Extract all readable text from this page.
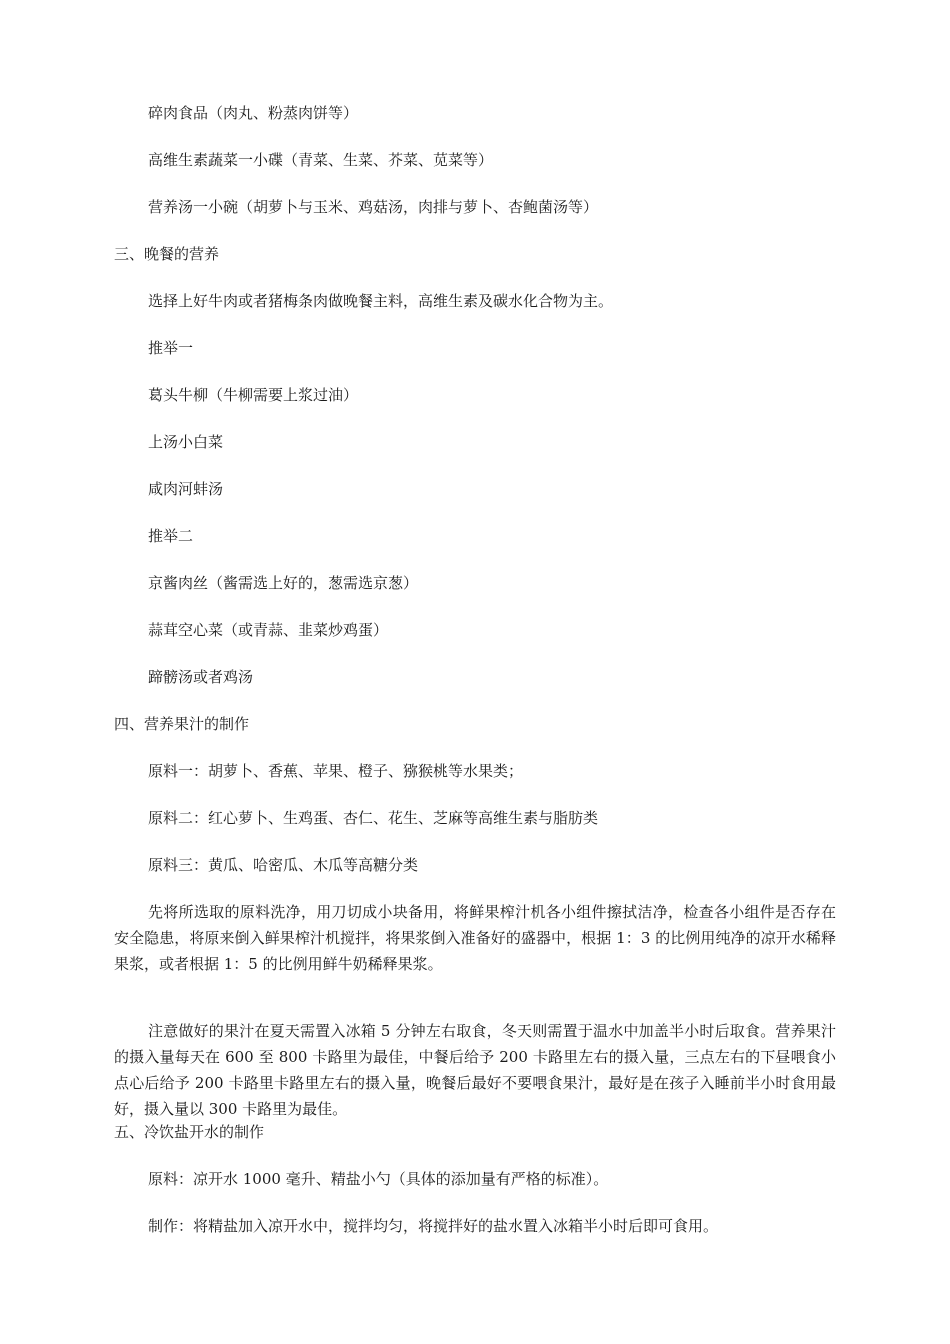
碎肉食品（肉丸、粉蒸肉饼等）
高维生素蔬菜一小碟（青菜、生菜、芥菜、苋菜等）
营养汤一小碗（胡萝卜与玉米、鸡菇汤，肉排与萝卜、杏鲍菌汤等）
三、晚餐的营养
选择上好牛肉或者猪梅条肉做晚餐主料，高维生素及碳水化合物为主。
推举一
葛头牛柳（牛柳需要上浆过油）
上汤小白菜
咸肉河蚌汤
推举二
京酱肉丝（酱需选上好的，葱需选京葱）
蒜茸空心菜（或青蒜、韭菜炒鸡蛋）
蹄髈汤或者鸡汤
四、营养果汁的制作
原料一：胡萝卜、香蕉、苹果、橙子、猕猴桃等水果类；
原料二：红心萝卜、生鸡蛋、杏仁、花生、芝麻等高维生素与脂肪类
原料三：黄瓜、哈密瓜、木瓜等高糖分类
先将所选取的原料洗净，用刀切成小块备用，将鲜果榨汁机各小组件擦拭洁净，检查各小组件是否存在安全隐患，将原来倒入鲜果榨汁机搅拌，将果浆倒入准备好的盛器中，根据 1：3 的比例用纯净的凉开水稀释果浆，或者根据 1：5 的比例用鲜牛奶稀释果浆。
注意做好的果汁在夏天需置入冰箱 5 分钟左右取食，冬天则需置于温水中加盖半小时后取食。营养果汁的摄入量每天在 600 至 800 卡路里为最佳，中餐后给予 200 卡路里左右的摄入量，三点左右的下昼喂食小点心后给予 200 卡路里卡路里左右的摄入量，晚餐后最好不要喂食果汁，最好是在孩子入睡前半小时食用最好，摄入量以 300 卡路里为最佳。
五、冷饮盐开水的制作
原料：凉开水 1000 毫升、精盐小勺（具体的添加量有严格的标准）。
制作：将精盐加入凉开水中，搅拌均匀，将搅拌好的盐水置入冰箱半小时后即可食用。
